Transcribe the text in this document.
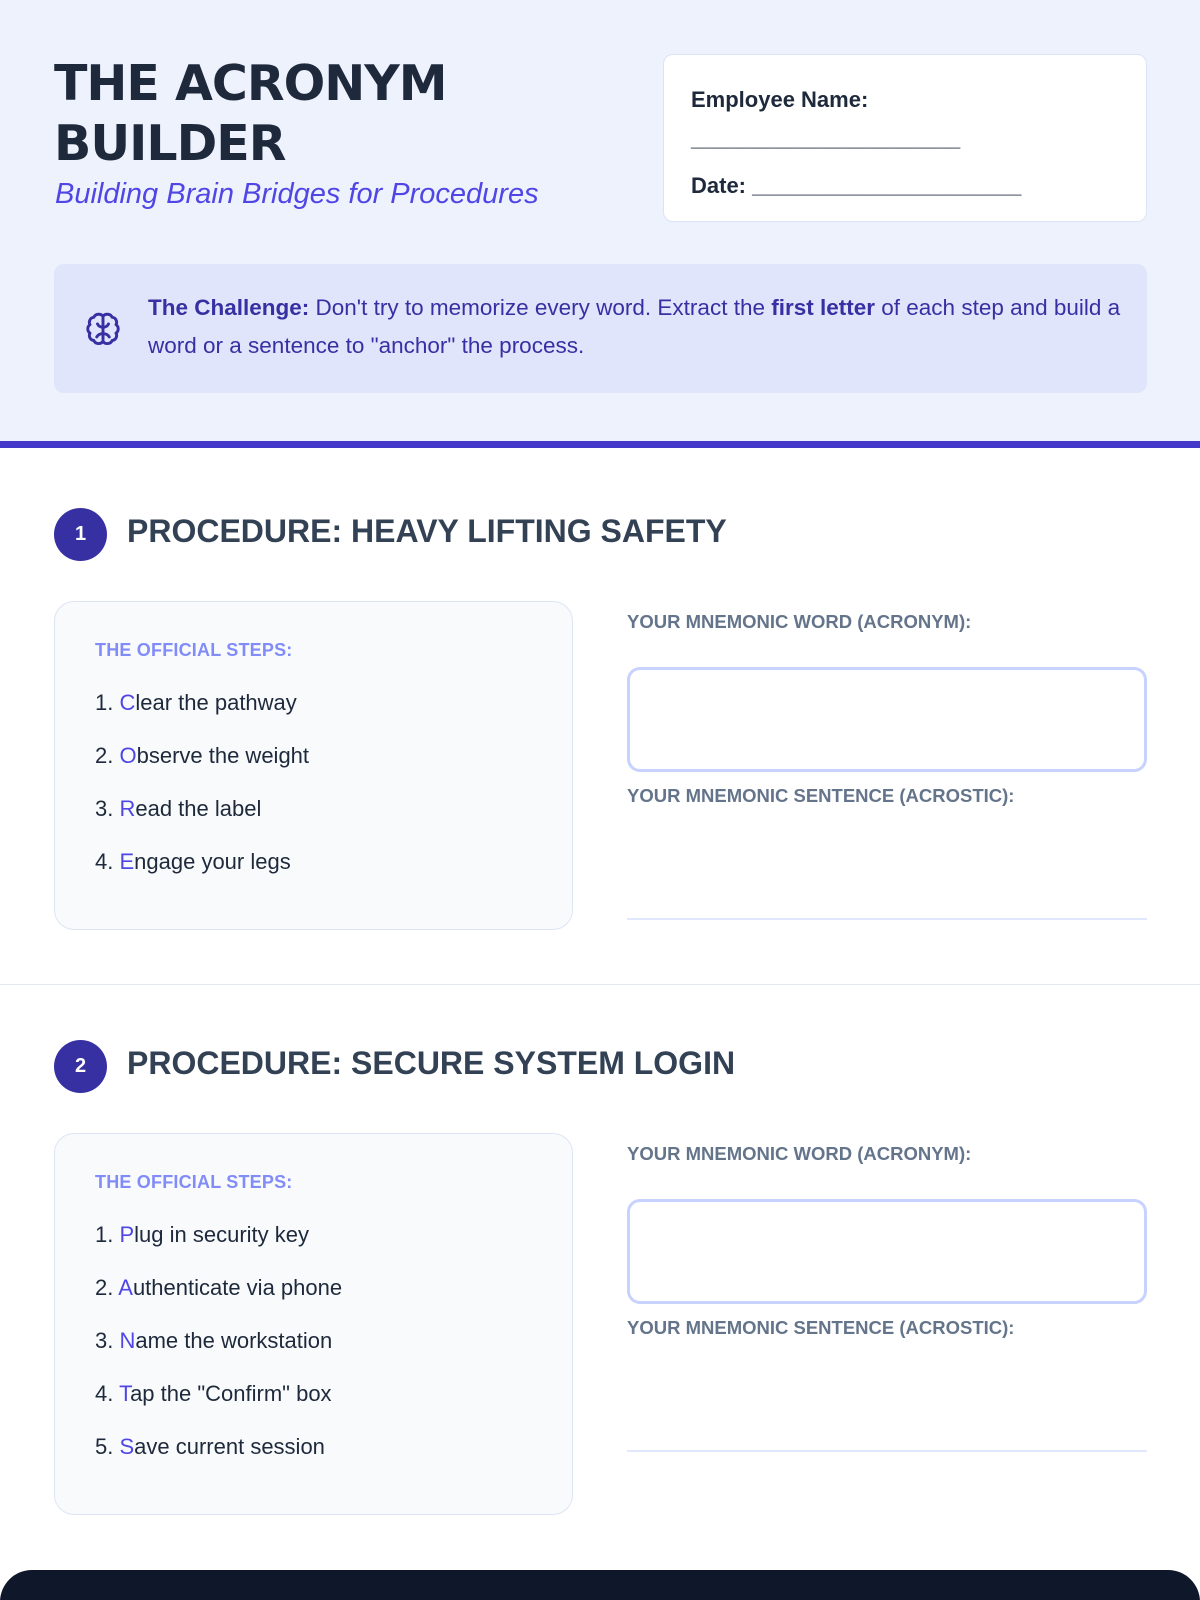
THE ACRONYM
BUILDER
Building Brain Bridges for Procedures
Employee Name:
______________________
Date: ______________________
The Challenge: Don't try to memorize every word. Extract the first letter of each step and build a word or a sentence to "anchor" the process.
1	PROCEDURE: HEAVY LIFTING SAFETY
THE OFFICIAL STEPS:
1. Clear the pathway
2. Observe the weight
3. Read the label
4. Engage your legs
YOUR MNEMONIC WORD (ACRONYM):
YOUR MNEMONIC SENTENCE (ACROSTIC):
2	PROCEDURE: SECURE SYSTEM LOGIN
THE OFFICIAL STEPS:
1. Plug in security key
2. Authenticate via phone
3. Name the workstation
4. Tap the "Confirm" box
5. Save current session
YOUR MNEMONIC WORD (ACRONYM):
YOUR MNEMONIC SENTENCE (ACROSTIC):
